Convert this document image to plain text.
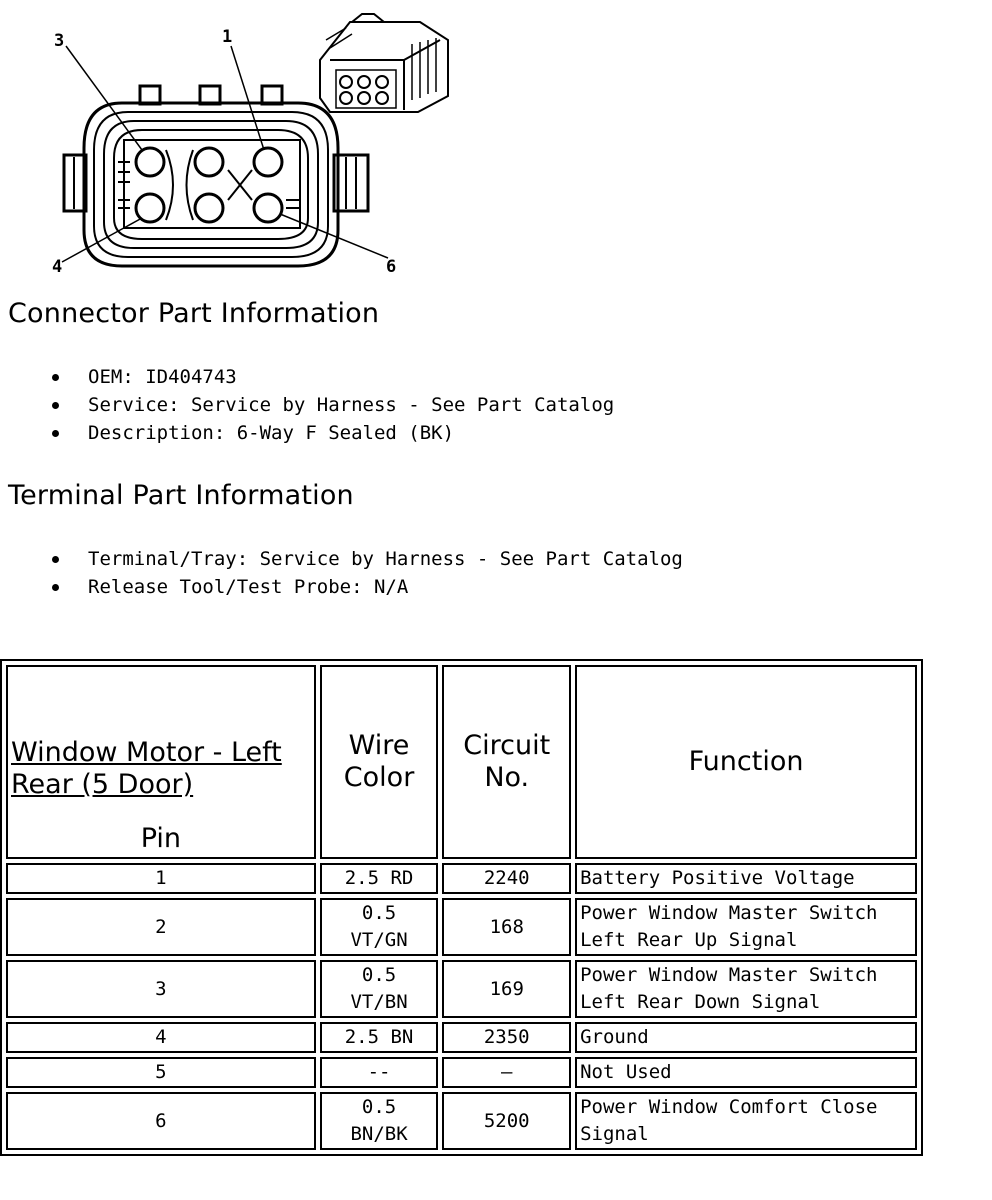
3	1
4	6
Connector Part Information
OEM: ID404743
Service: Service by Harness - See Part Catalog
Description: 6-Way F Sealed (BK)
Terminal Part Information
Terminal/Tray: Service by Harness - See Part Catalog
Release Tool/Test Probe: N/A
Window Motor - Left Rear (5 Door)
Pin	Wire Color	Circuit No.	Function
1	2.5 RD	2240	Battery Positive Voltage
2	0.5
VT/GN	168	Power Window Master Switch
Left Rear Up Signal
3	0.5
VT/BN	169	Power Window Master Switch
Left Rear Down Signal
4	2.5 BN	2350	Ground
5	--	—	Not Used
6	0.5
BN/BK	5200	Power Window Comfort Close
Signal
